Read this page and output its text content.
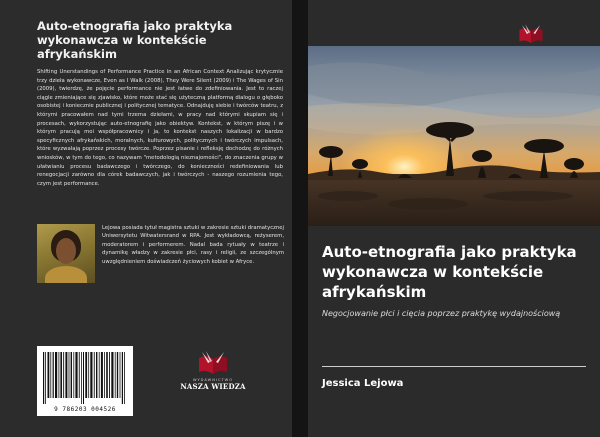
Auto-etnografia jako praktyka wykonawcza w kontekście afrykańskim

Shifting Unerstandings of Performance Practice in an African Context Analizując krytycznie trzy dzieła wykonawcze, Even as I Walk (2008), They Were Silent (2009) i The Wages of Sin (2009), twierdzę, że pojęcie performance nie jest łatwe do zdefiniowania. Jest to raczej ciągle zmieniające się zjawisko, które może stać się użyteczną platformą dialogu o głęboko osobistej i koniecznie publicznej i politycznej tematyce. Odnajduję siebie i twórców teatru, z którymi pracowałem nad tymi trzema dziełami, w pracy nad którymi skupiam się i procesach, wykorzystując auto-etnografię jako obiektyw. Kontekst, w którym piszę i w którym pracują moi współpracownicy i ja, to kontekst naszych lokalizacji w bardzo specyficznych afrykańskich, moralnych, kulturowych, politycznych i twórczych impulsach, które wyzwalają poprzez procesy twórcze. Poprzez pisanie i refleksję dochodzę do różnych wniosków, w tym do tego, co nazywam "metodologią nieznajomości", do znaczenia grupy w ułatwianiu procesu badawczego i twórczego, do konieczności redefiniowania lub renegocjacji zarówno dla córek badawczych, jak i twórczych - naszego rozumienia tego, czym jest performance.

Lejowa posiada tytuł magistra sztuki w zakresie sztuki dramatycznej Uniwersytetu Witwatersrand w RPA. Jest wykładowcą, reżyserem, moderatorem i performerem. Nadal bada rytuały w teatrze i dynamikę władzy w zakresie płci, rasy i religii, ze szczególnym uwzględnieniem doświadczeń życiowych kobiet w Afryce.

9 786203 004526
WYDAWNICTWO
NASZA WIEDZA
Auto-etnografia jako praktyka wykonawcza w kontekście afrykańskim

Negocjowanie płci i cięcia poprzez praktykę wydajnościową

Jessica Lejowa
